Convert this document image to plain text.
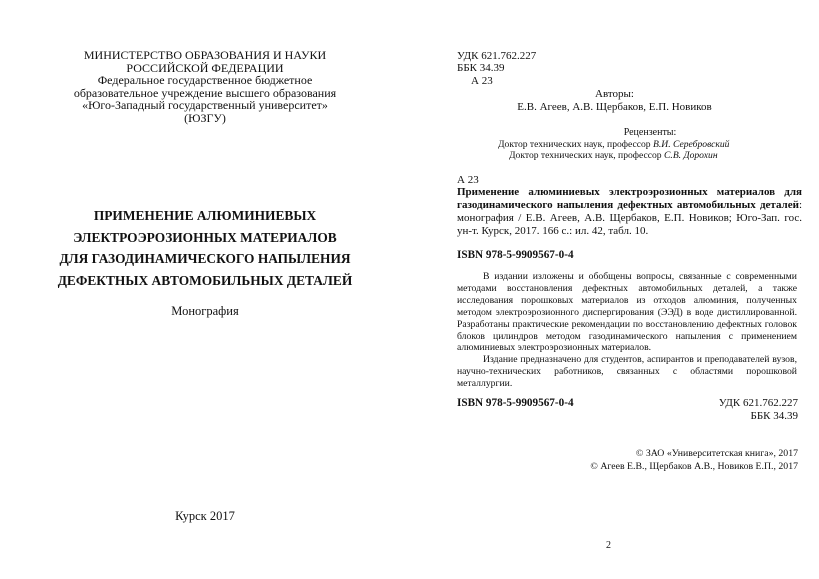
МИНИСТЕРСТВО ОБРАЗОВАНИЯ И НАУКИ
РОССИЙСКОЙ ФЕДЕРАЦИИ
Федеральное государственное бюджетное
образовательное учреждение высшего образования
«Юго-Западный государственный университет»
(ЮЗГУ)
ПРИМЕНЕНИЕ АЛЮМИНИЕВЫХ
ЭЛЕКТРОЭРОЗИОННЫХ МАТЕРИАЛОВ
ДЛЯ ГАЗОДИНАМИЧЕСКОГО НАПЫЛЕНИЯ
ДЕФЕКТНЫХ АВТОМОБИЛЬНЫХ ДЕТАЛЕЙ
Монография
Курск 2017
УДК 621.762.227
ББК 34.39
А 23
Авторы:
Е.В. Агеев, А.В. Щербаков, Е.П. Новиков
Рецензенты:
Доктор технических наук, профессор В.И. Серебровский
Доктор технических наук, профессор С.В. Дорохин
А 23
Применение алюминиевых электроэрозионных материалов для газодинамического напыления дефектных автомобильных деталей: монография / Е.В. Агеев, А.В. Щербаков, Е.П. Новиков; Юго-Зап. гос. ун-т. Курск, 2017. 166 с.: ил. 42, табл. 10.
ISBN 978-5-9909567-0-4

В издании изложены и обобщены вопросы, связанные с современными методами восстановления дефектных автомобильных деталей, а также исследования порошковых материалов из отходов алюминия, полученных методом электроэрозионного диспергирования (ЭЭД) в воде дистиллированной. Разработаны практические рекомендации по восстановлению дефектных головок блоков цилиндров методом газодинамического напыления с применением алюминиевых электроэрозионных материалов.

Издание предназначено для студентов, аспирантов и преподавателей вузов, научно-технических работников, связанных с областями порошковой металлургии.

ISBN 978-5-9909567-0-4	УДК 621.762.227
ББК 34.39
© ЗАО «Университетская книга», 2017
© Агеев Е.В., Щербаков А.В., Новиков Е.П., 2017
2
